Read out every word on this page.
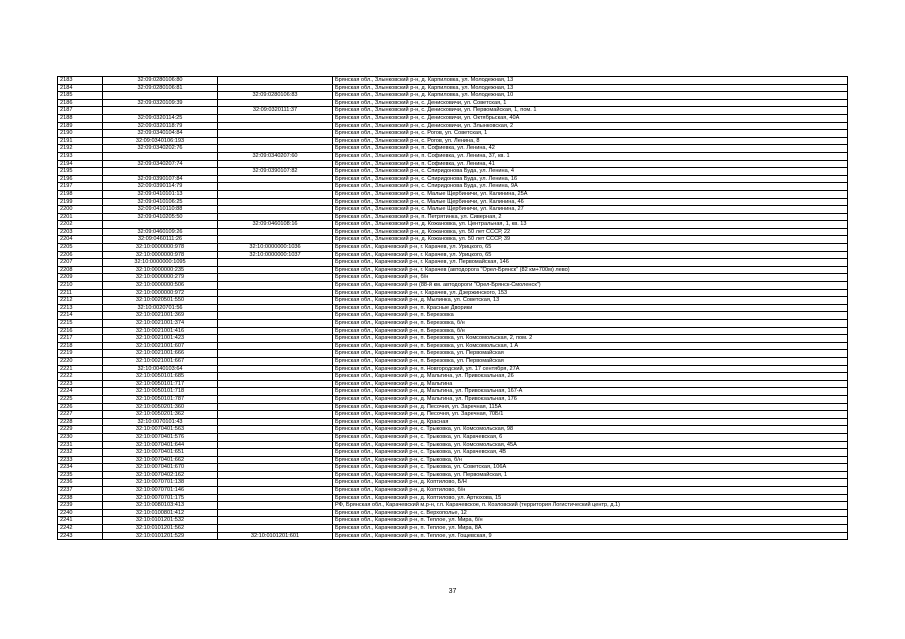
2183	32:09:0280106:80		Брянская обл., Злынковский р-н, д. Карпиловка, ул. Молодежная, 13
2184	32:09:0280106:81		Брянская обл., Злынковский р-н, д. Карпиловка, ул. Молодежная, 13
2185		32:09:0280106:83	Брянская обл., Злынковский р-н, д. Карпиловка, ул. Молодежная, 10
2186	32:09:0320109:39		Брянская обл., Злынковский р-н, с. Денисковичи, ул. Советская, 1
2187		32:09:0320111:37	Брянская обл., Злынковский р-н, с. Денисковичи, ул. Первомайская, 1, пом. 1
2188	32:09:0320114:25		Брянская обл., Злынковский р-н, с. Денисковичи, ул. Октябрьская, 40А
2189	32:09:0320118:79		Брянская обл., Злынковский р-н, с. Денисковичи, ул. Злынковская, 2
2190	32:09:0340104:84		Брянская обл., Злынковский р-н, с. Рогов, ул. Советская, 1
2191	32:09:0340106:193		Брянская обл., Злынковский р-н, с. Рогов, ул. Ленина, 8
2192	32:09:0340202:76		Брянская обл., Злынковский р-н, п. Софиевка, ул. Ленина, 42
2193		32:09:0340207:60	Брянская обл., Злынковский р-н, п. Софиевка, ул. Ленина, 37, кв. 1
2194	32:09:0340207:74		Брянская обл., Злынковский р-н, п. Софиевка, ул. Ленина, 41
2195		32:09:0390107:82	Брянская обл., Злынковский р-н, с. Спиридонова Буда, ул. Ленина, 4
2196	32:09:0390107:84		Брянская обл., Злынковский р-н, с. Спиридонова Буда, ул. Ленина, 16
2197	32:09:0390114:79		Брянская обл., Злынковский р-н, с. Спиридонова Буда, ул. Ленина, 9А
2198	32:09:0410101:13		Брянская обл., Злынковский р-н, с. Малые Щербиничи, ул. Калинина, 25А
2199	32:09:0410106:25		Брянская обл., Злынковский р-н, с. Малые Щербиничи, ул. Калинина, 46
2200	32:09:0410110:88		Брянская обл., Злынковский р-н, с. Малые Щербиничи, ул. Калинина, 27
2201	32:09:0410205:50		Брянская обл., Злынковский р-н, п. Петрятинка, ул. Сиверная, 2
2202		32:09:0460108:16	Брянская обл., Злынковский р-н, д. Кожановка, ул. Центральная, 1, кв. 13
2203	32:09:0460109:26		Брянская обл., Злынковский р-н, д. Кожановка, ул. 50 лет СССР, 22
2204	32:09:0460111:26		Брянская обл., Злынковский р-н, д. Кожановка, ул. 50 лет СССР, 39
2205	32:10:0000000:978	32:10:0000000:1036	Брянская обл., Карачевский р-н, г. Карачев, ул. Урицкого, 65
2206	32:10:0000000:978	32:10:0000000:1037	Брянская обл., Карачевский р-н, г. Карачев, ул. Урицкого, 65
2207	32:10:0000000:1095		Брянская обл., Карачевский р-н, г. Карачев, ул. Первомайская, 146
2208	32:10:0000000:235		Брянская обл., Карачевский р-н, г. Карачев (автодорога "Орел-Брянск" (82 км+700м) лево)
2209	32:10:0000000:279		Брянская обл., Карачевский р-н, б/н
2210	32:10:0000000:506		Брянская обл., Карачевский р-н (88-й км. автодороги "Орел-Брянск-Смоленск")
2211	32:10:0000000:972		Брянская обл., Карачевский р-н, г. Карачев, ул. Дзержинского, 153
2212	32:10:0020501:550		Брянская обл., Карачевский р-н, д. Мылинка, ул. Советская, 13
2213	32:10:0020701:56		Брянская обл., Карачевский р-н, п. Красные Дворики
2214	32:10:0021001:369		Брянская обл., Карачевский р-н, п. Березовка
2215	32:10:0021001:374		Брянская обл., Карачевский р-н, п. Березовка, б/н
2216	32:10:0021001:416		Брянская обл., Карачевский р-н, п. Березовка, б/н
2217	32:10:0021001:423		Брянская обл., Карачевский р-н, п. Березовка, ул. Комсомольская, 2, пом. 2
2218	32:10:0021001:607		Брянская обл., Карачевский р-н, п. Березовка, ул. Комсомольская, 1 А
2219	32:10:0021001:666		Брянская обл., Карачевский р-н, п. Березовка, ул. Первомайская
2220	32:10:0021001:667		Брянская обл., Карачевский р-н, п. Березовка, ул. Первомайская
2221	32:10:0040103:64		Брянская обл., Карачевский р-н, п. Новгородский, ул. 17 сентября, 27А
2222	32:10:0050101:685		Брянская обл., Карачевский р-н, д. Мальтина, ул. Привокзальная, 26
2223	32:10:0050101:717		Брянская обл., Карачевский р-н, д. Мальтина
2224	32:10:0050101:718		Брянская обл., Карачевский р-н, д. Мальтина, ул. Привокзальная, 167-А
2225	32:10:0050101:787		Брянская обл., Карачевский р-н, д. Мальтина, ул. Привокзальная, 176
2226	32:10:0050201:360		Брянская обл., Карачевский р-н, д. Песочня, ул. Заречная, 115А
2227	32:10:0050201:362		Брянская обл., Карачевский р-н, д. Песочня, ул. Заречная, 70Б/1
2228	32:10:0070101:43		Брянская обл., Карачевский р-н, д. Красная
2229	32:10:0070401:563		Брянская обл., Карачевский р-н, с. Трыковка, ул. Комсомольская, 98
2230	32:10:0070401:576		Брянская обл., Карачевский р-н, с. Трыковка, ул. Карачевская, 6
2231	32:10:0070401:644		Брянская обл., Карачевский р-н, с. Трыковка, ул. Комсомольская, 45А
2232	32:10:0070401:651		Брянская обл., Карачевский р-н, с. Трыковка, ул. Карачевская, 4В
2233	32:10:0070401:662		Брянская обл., Карачевский р-н, с. Трыковка, б/н
2234	32:10:0070401:670		Брянская обл., Карачевский р-н, с. Трыковка, ул. Советская, 106А
2235	32:10:0070402:162		Брянская обл., Карачевский р-н, с. Трыковка, ул. Первомайская, 1
2236	32:10:0070701:138		Брянская обл., Карачевский р-н, д. Коптилово, Б/Н
2237	32:10:0070701:146		Брянская обл., Карачевский р-н, д. Коптилово, б/н
2238	32:10:0070701:175		Брянская обл., Карачевский р-н, д. Коптилово, ул. Артюхова, 15
2239	32:10:0080103:413		РФ, Брянская обл., Карачевский м.р-н, г.п. Карачевское, п. Козловский (территория Логистический центр, д.1)
2240	32:10:0100801:412		Брянская обл., Карачевский р-н, с. Верхополье, 12
2241	32:10:0101201:532		Брянская обл., Карачевский р-н, п. Теплое, ул. Мира, б/н
2242	32:10:0101201:562		Брянская обл., Карачевский р-н, п. Теплое, ул. Мира, 8А
2243	32:10:0101201:529	32:10:0101201:601	Брянская обл., Карачевский р-н, п. Теплое, ул. Гощевская, 9
37
